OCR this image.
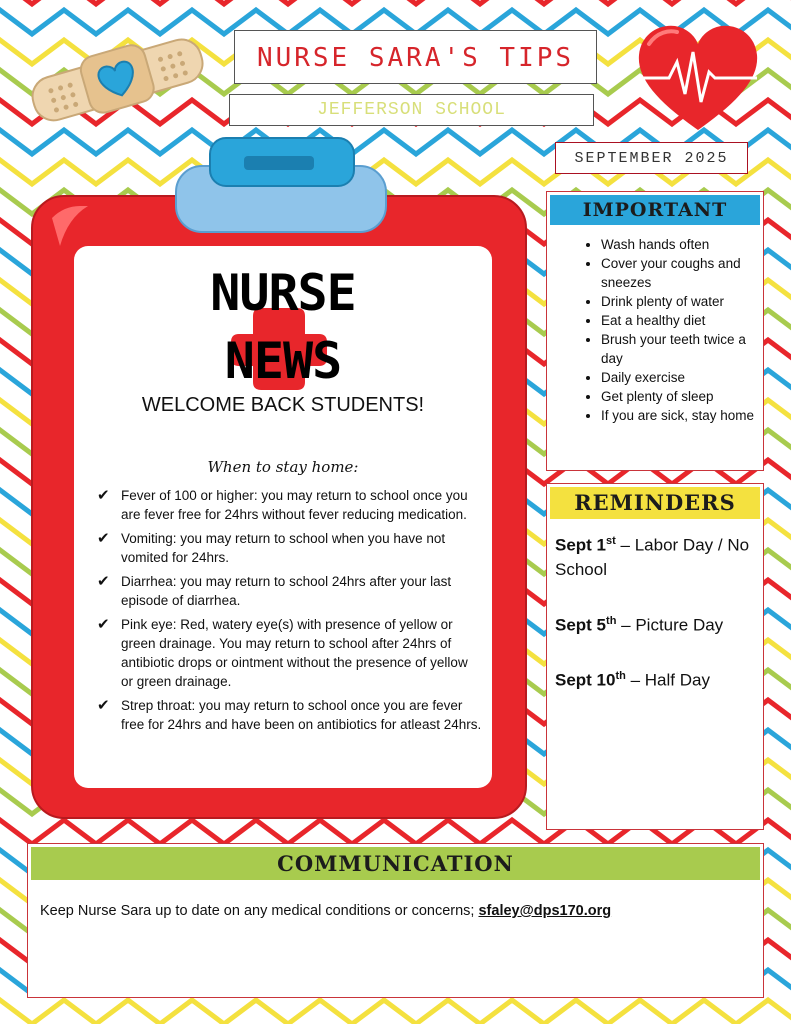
NURSE
NEWS
WELCOME BACK STUDENTS!
When to stay home:
✔ Fever of 100 or higher: you may return to school once you are fever free for 24hrs without fever reducing medication.
✔ Vomiting: you may return to school when you have not vomited for 24hrs.
✔ Diarrhea: you may return to school 24hrs after your last episode of diarrhea.
✔ Pink eye: Red, watery eye(s) with presence of yellow or green drainage. You may return to school after 24hrs of antibiotic drops or ointment without the presence of yellow or green drainage.
✔ Strep throat: you may return to school once you are fever free for 24hrs and have been on antibiotics for atleast 24hrs.
NURSE SARA'S TIPS
JEFFERSON SCHOOL
SEPTEMBER 2025
IMPORTANT
• Wash hands often
• Cover your coughs and sneezes
• Drink plenty of water
• Eat a healthy diet
• Brush your teeth twice a day
• Daily exercise
• Get plenty of sleep
• If you are sick, stay home
REMINDERS
Sept 1st – Labor Day / No School
Sept 5th – Picture Day
Sept 10th – Half Day
COMMUNICATION
Keep Nurse Sara up to date on any medical conditions or concerns; sfaley@dps170.org
